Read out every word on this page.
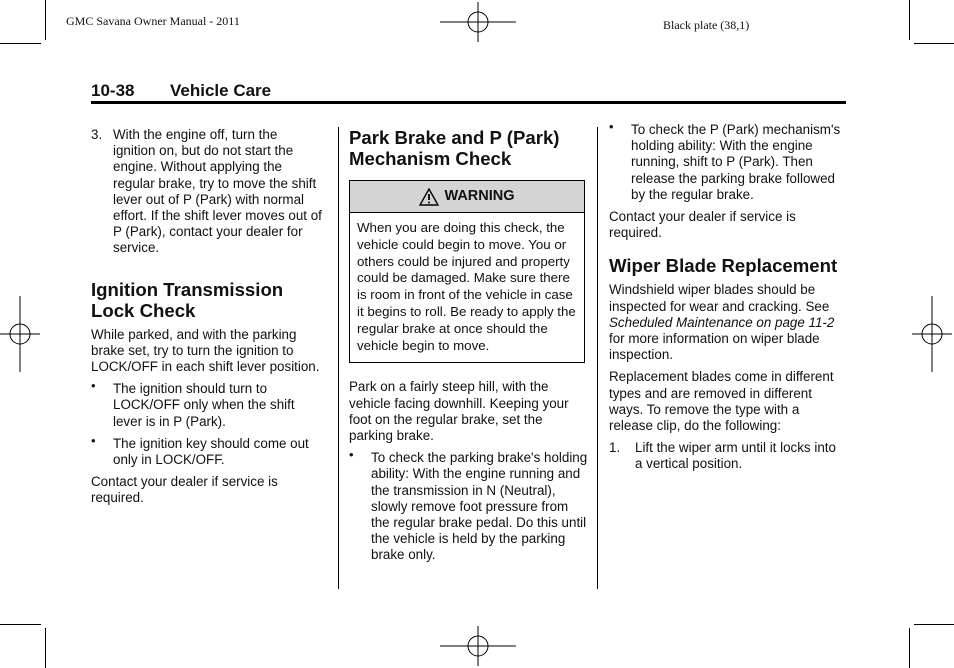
GMC Savana Owner Manual - 2011	Black plate (38,1)
10-38 Vehicle Care
3. With the engine off, turn the ignition on, but do not start the engine. Without applying the regular brake, try to move the shift lever out of P (Park) with normal effort. If the shift lever moves out of P (Park), contact your dealer for service.

Ignition Transmission Lock Check

While parked, and with the parking brake set, try to turn the ignition to LOCK/OFF in each shift lever position.

• The ignition should turn to LOCK/OFF only when the shift lever is in P (Park).

• The ignition key should come out only in LOCK/OFF.

Contact your dealer if service is required.

Park Brake and P (Park) Mechanism Check
WARNING

When you are doing this check, the vehicle could begin to move. You or others could be injured and property could be damaged. Make sure there is room in front of the vehicle in case it begins to roll. Be ready to apply the regular brake at once should the vehicle begin to move.

Park on a fairly steep hill, with the vehicle facing downhill. Keeping your foot on the regular brake, set the parking brake.

• To check the parking brake's holding ability: With the engine running and the transmission in N (Neutral), slowly remove foot pressure from the regular brake pedal. Do this until the vehicle is held by the parking brake only.

• To check the P (Park) mechanism's holding ability: With the engine running, shift to P (Park). Then release the parking brake followed by the regular brake.

Contact your dealer if service is required.

Wiper Blade Replacement

Windshield wiper blades should be inspected for wear and cracking. See Scheduled Maintenance on page 11-2 for more information on wiper blade inspection.

Replacement blades come in different types and are removed in different ways. To remove the type with a release clip, do the following:

1. Lift the wiper arm until it locks into a vertical position.
